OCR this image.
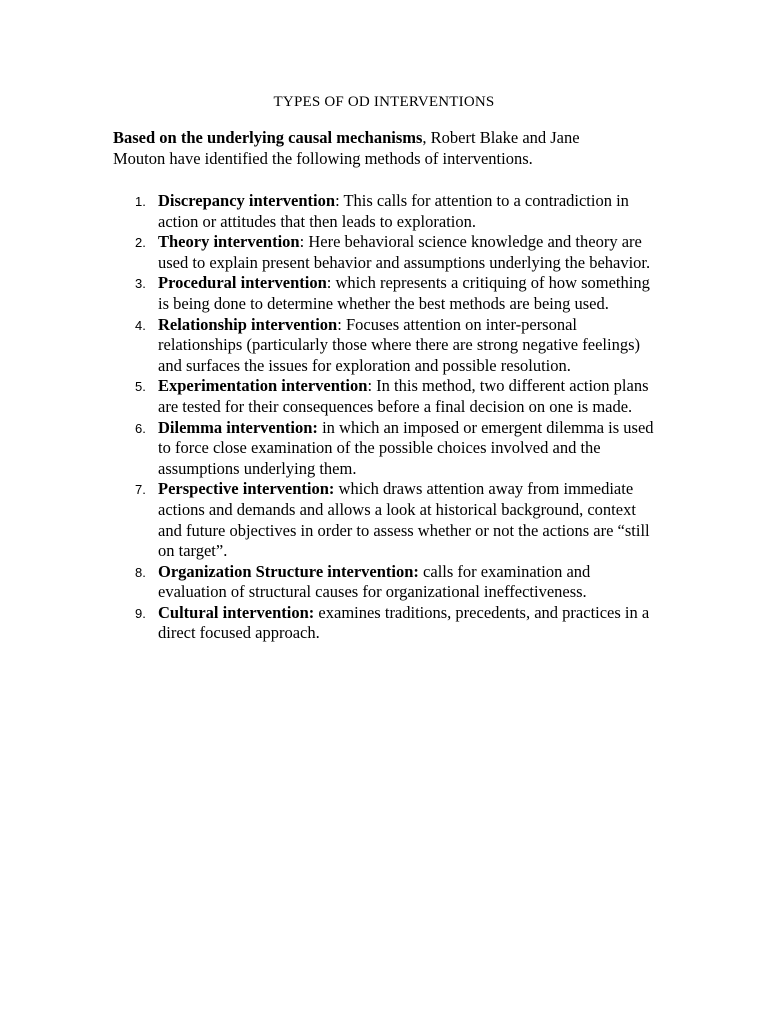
TYPES OF OD INTERVENTIONS

Based on the underlying causal mechanisms, Robert Blake and Jane Mouton have identified the following methods of interventions.

1. Discrepancy intervention: This calls for attention to a contradiction in action or attitudes that then leads to exploration.
2. Theory intervention: Here behavioral science knowledge and theory are used to explain present behavior and assumptions underlying the behavior.
3. Procedural intervention: which represents a critiquing of how something is being done to determine whether the best methods are being used.
4. Relationship intervention: Focuses attention on inter-personal relationships (particularly those where there are strong negative feelings) and surfaces the issues for exploration and possible resolution.
5. Experimentation intervention: In this method, two different action plans are tested for their consequences before a final decision on one is made.
6. Dilemma intervention: in which an imposed or emergent dilemma is used to force close examination of the possible choices involved and the assumptions underlying them.
7. Perspective intervention: which draws attention away from immediate actions and demands and allows a look at historical background, context and future objectives in order to assess whether or not the actions are “still on target”.
8. Organization Structure intervention: calls for examination and evaluation of structural causes for organizational ineffectiveness.
9. Cultural intervention: examines traditions, precedents, and practices in a direct focused approach.
